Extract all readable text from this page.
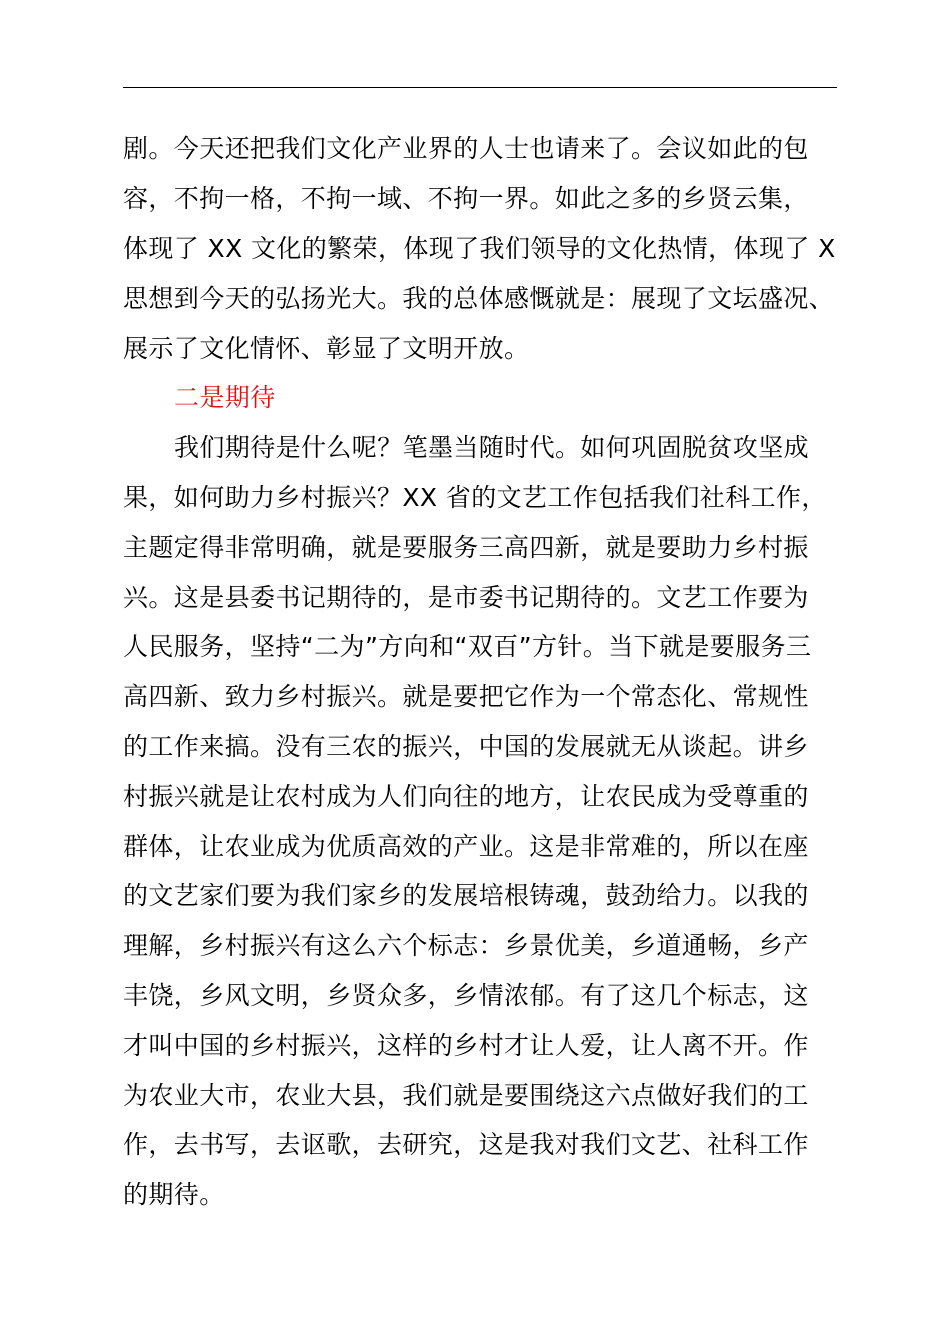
剧。今天还把我们文化产业界的人士也请来了。会议如此的包
容，不拘一格，不拘一域、不拘一界。如此之多的乡贤云集，
体现了 XX 文化的繁荣，体现了我们领导的文化热情，体现了 X
思想到今天的弘扬光大。我的总体感慨就是：展现了文坛盛况、
展示了文化情怀、彰显了文明开放。
二是期待
我们期待是什么呢？笔墨当随时代。如何巩固脱贫攻坚成
果，如何助力乡村振兴？XX 省的文艺工作包括我们社科工作，
主题定得非常明确，就是要服务三高四新，就是要助力乡村振
兴。这是县委书记期待的，是市委书记期待的。文艺工作要为
人民服务，坚持“二为”方向和“双百”方针。当下就是要服务三
高四新、致力乡村振兴。就是要把它作为一个常态化、常规性
的工作来搞。没有三农的振兴，中国的发展就无从谈起。讲乡
村振兴就是让农村成为人们向往的地方，让农民成为受尊重的
群体，让农业成为优质高效的产业。这是非常难的，所以在座
的文艺家们要为我们家乡的发展培根铸魂，鼓劲给力。以我的
理解，乡村振兴有这么六个标志：乡景优美，乡道通畅，乡产
丰饶，乡风文明，乡贤众多，乡情浓郁。有了这几个标志，这
才叫中国的乡村振兴，这样的乡村才让人爱，让人离不开。作
为农业大市，农业大县，我们就是要围绕这六点做好我们的工
作，去书写，去讴歌，去研究，这是我对我们文艺、社科工作
的期待。
